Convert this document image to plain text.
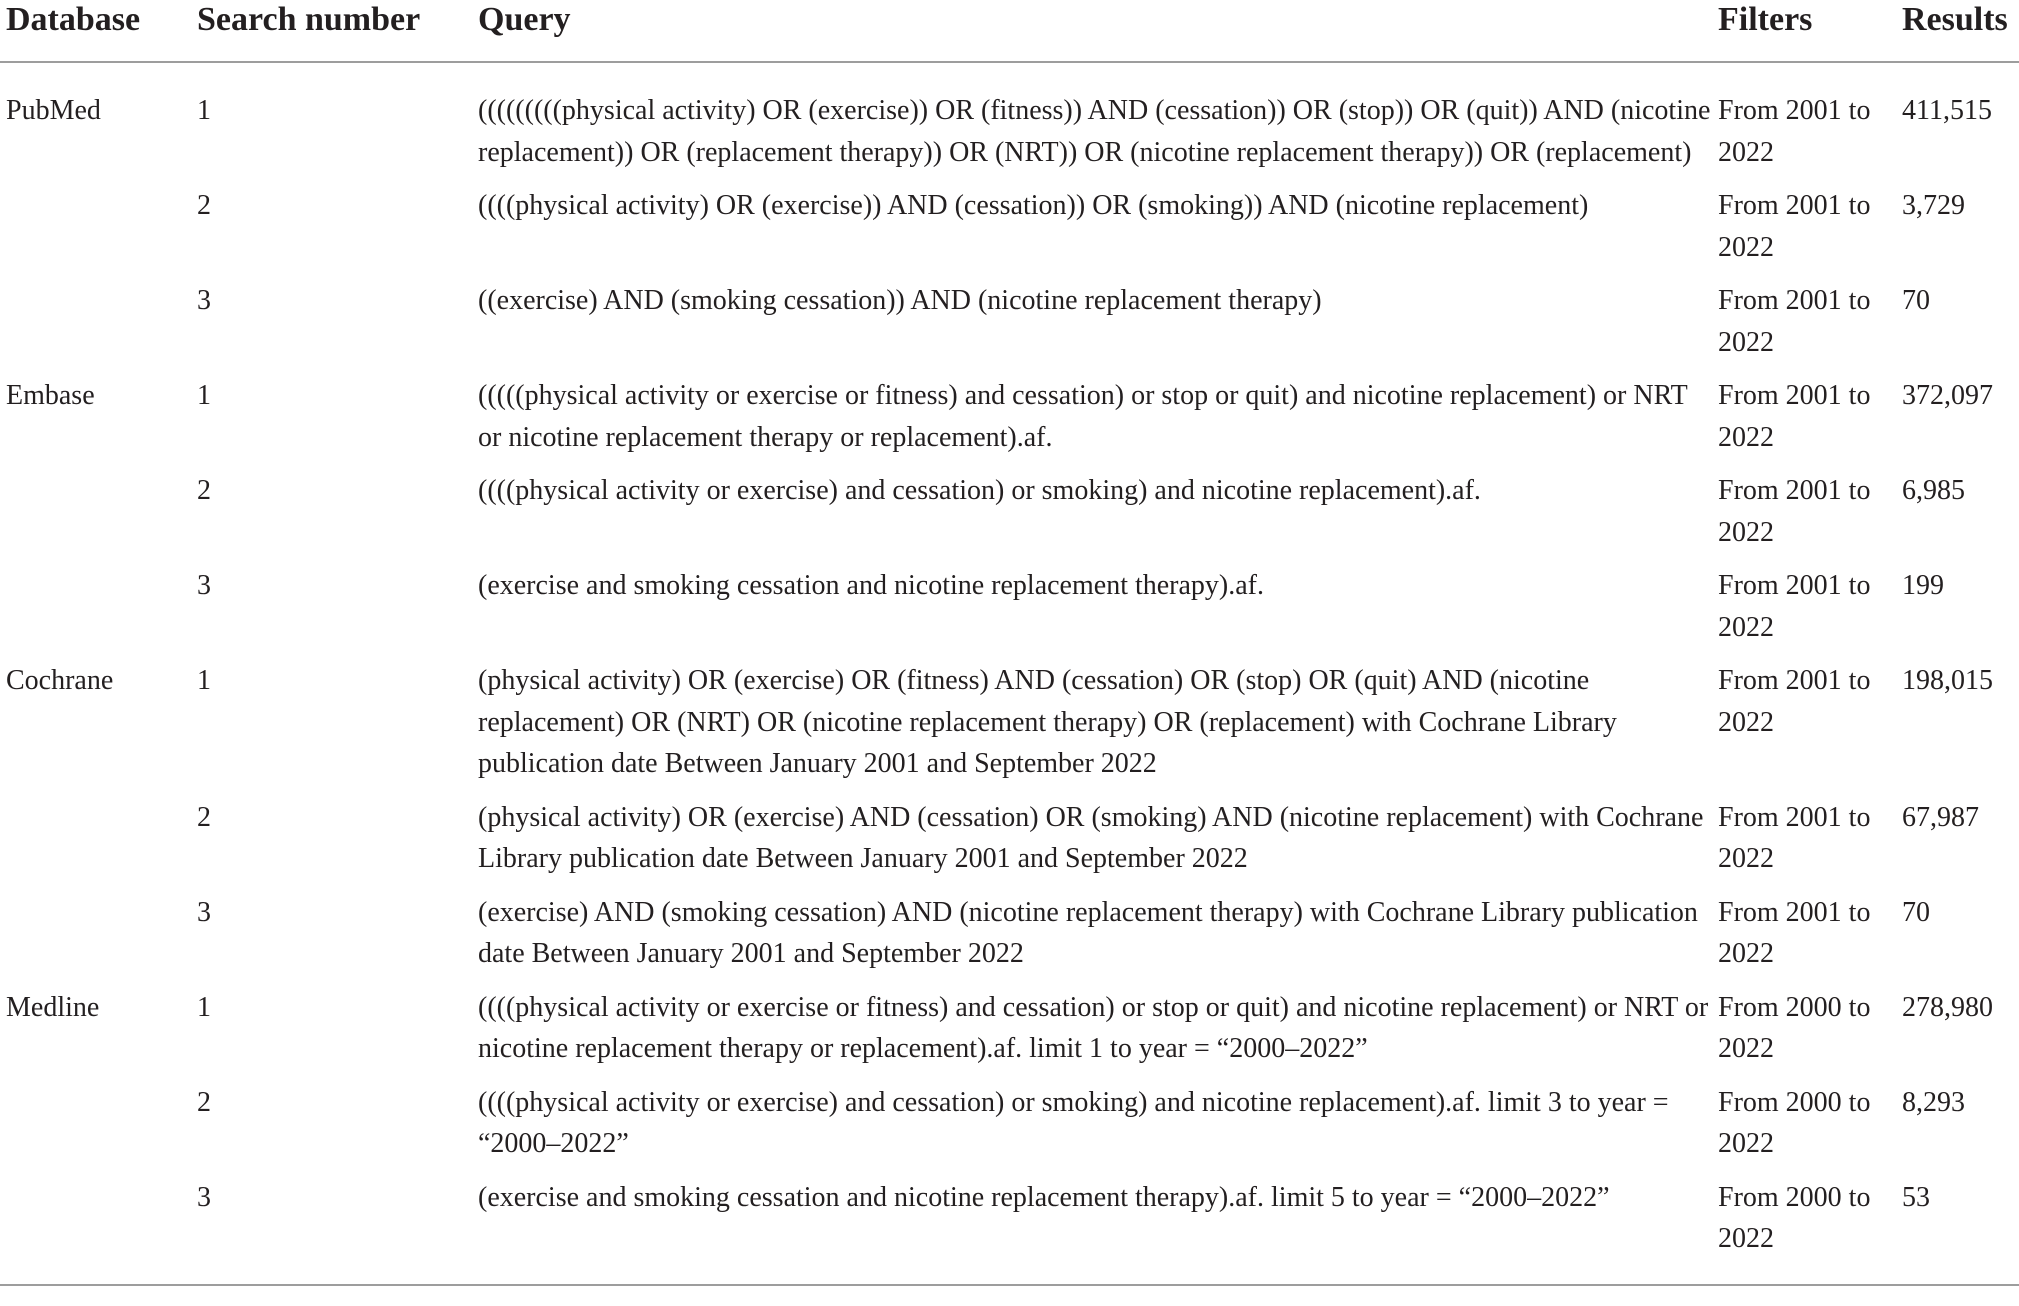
Database	Search number	Query	Filters	Results
PubMed	1	(((((((((physical activity) OR (exercise)) OR (fitness)) AND (cessation)) OR (stop)) OR (quit)) AND (nicotine replacement)) OR (replacement therapy)) OR (NRT)) OR (nicotine replacement therapy)) OR (replacement)	From 2001 to 2022	411,515
	2	((((physical activity) OR (exercise)) AND (cessation)) OR (smoking)) AND (nicotine replacement)	From 2001 to 2022	3,729
	3	((exercise) AND (smoking cessation)) AND (nicotine replacement therapy)	From 2001 to 2022	70
Embase	1	(((((physical activity or exercise or fitness) and cessation) or stop or quit) and nicotine replacement) or NRT or nicotine replacement therapy or replacement).af.	From 2001 to 2022	372,097
	2	((((physical activity or exercise) and cessation) or smoking) and nicotine replacement).af.	From 2001 to 2022	6,985
	3	(exercise and smoking cessation and nicotine replacement therapy).af.	From 2001 to 2022	199
Cochrane	1	(physical activity) OR (exercise) OR (fitness) AND (cessation) OR (stop) OR (quit) AND (nicotine replacement) OR (NRT) OR (nicotine replacement therapy) OR (replacement) with Cochrane Library publication date Between January 2001 and September 2022	From 2001 to 2022	198,015
	2	(physical activity) OR (exercise) AND (cessation) OR (smoking) AND (nicotine replacement) with Cochrane Library publication date Between January 2001 and September 2022	From 2001 to 2022	67,987
	3	(exercise) AND (smoking cessation) AND (nicotine replacement therapy) with Cochrane Library publication date Between January 2001 and September 2022	From 2001 to 2022	70
Medline	1	((((physical activity or exercise or fitness) and cessation) or stop or quit) and nicotine replacement) or NRT or nicotine replacement therapy or replacement).af. limit 1 to year = “2000–2022”	From 2000 to 2022	278,980
	2	((((physical activity or exercise) and cessation) or smoking) and nicotine replacement).af. limit 3 to year = “2000–2022”	From 2000 to 2022	8,293
	3	(exercise and smoking cessation and nicotine replacement therapy).af. limit 5 to year = “2000–2022”	From 2000 to 2022	53
